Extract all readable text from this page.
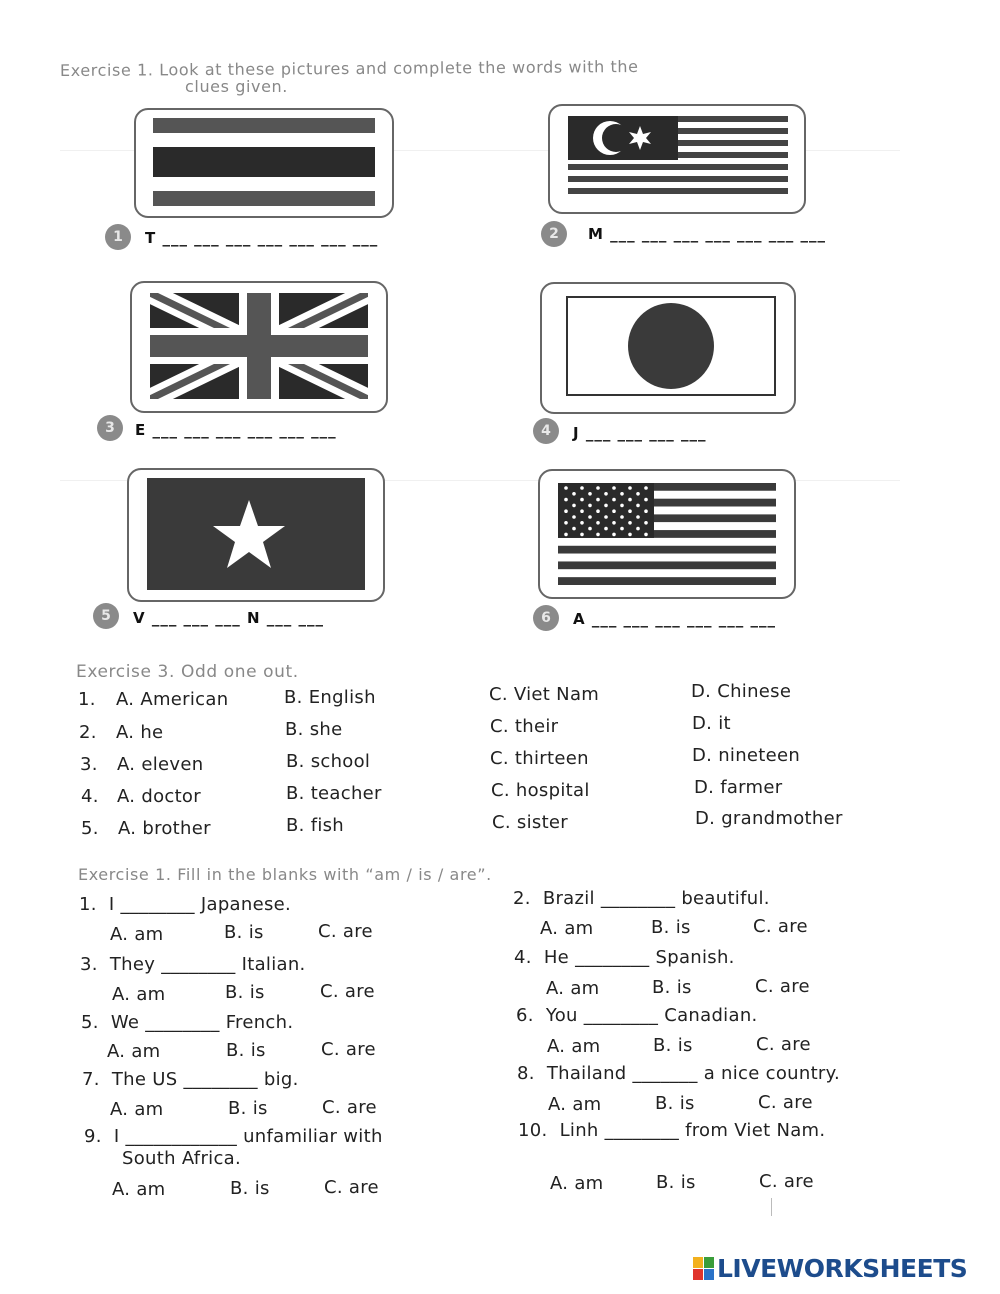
Exercise 1. Look at these pictures and complete the words with the
clues given.
1	T ___ ___ ___ ___ ___ ___ ___	2	M ___ ___ ___ ___ ___ ___ ___
3	E ___ ___ ___ ___ ___ ___	4	J ___ ___ ___ ___
5	V ___ ___ ___ N ___ ___	6	A ___ ___ ___ ___ ___ ___
Exercise 3. Odd one out.
1. A. American	B. English	C. Viet Nam	D. Chinese
2. A. he	B. she	C. their	D. it
3. A. eleven	B. school	C. thirteen	D. nineteen
4. A. doctor	B. teacher	C. hospital	D. farmer
5. A. brother	B. fish	C. sister	D. grandmother
Exercise 1. Fill in the blanks with “am / is / are”.
1. I ________ Japanese.
A. am	B. is	C. are
3. They ________ Italian.
A. am	B. is	C. are
5. We ________ French.
A. am	B. is	C. are
7. The US ________ big.
A. am	B. is	C. are
9. I ____________ unfamiliar with
South Africa.
A. am	B. is	C. are
2. Brazil ________ beautiful.
A. am	B. is	C. are
4. He ________ Spanish.
A. am	B. is	C. are
6. You ________ Canadian.
A. am	B. is	C. are
8. Thailand _______ a nice country.
A. am	B. is	C. are
10. Linh ________ from Viet Nam.
A. am	B. is	C. are
LIVEWORKSHEETS
